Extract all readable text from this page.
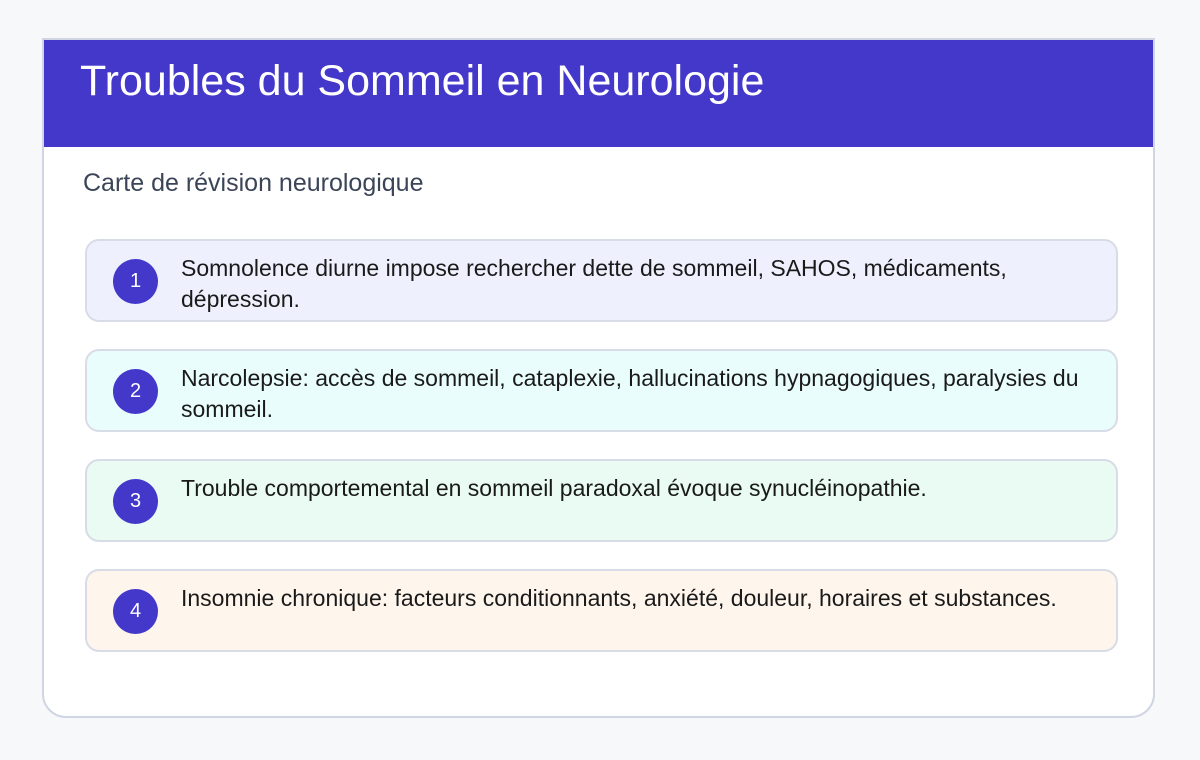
Troubles du Sommeil en Neurologie

Carte de révision neurologique

1	Somnolence diurne impose rechercher dette de sommeil, SAHOS, médicaments, dépression.

2	Narcolepsie: accès de sommeil, cataplexie, hallucinations hypnagogiques, paralysies du sommeil.

3	Trouble comportemental en sommeil paradoxal évoque synucléinopathie.

4	Insomnie chronique: facteurs conditionnants, anxiété, douleur, horaires et substances.
